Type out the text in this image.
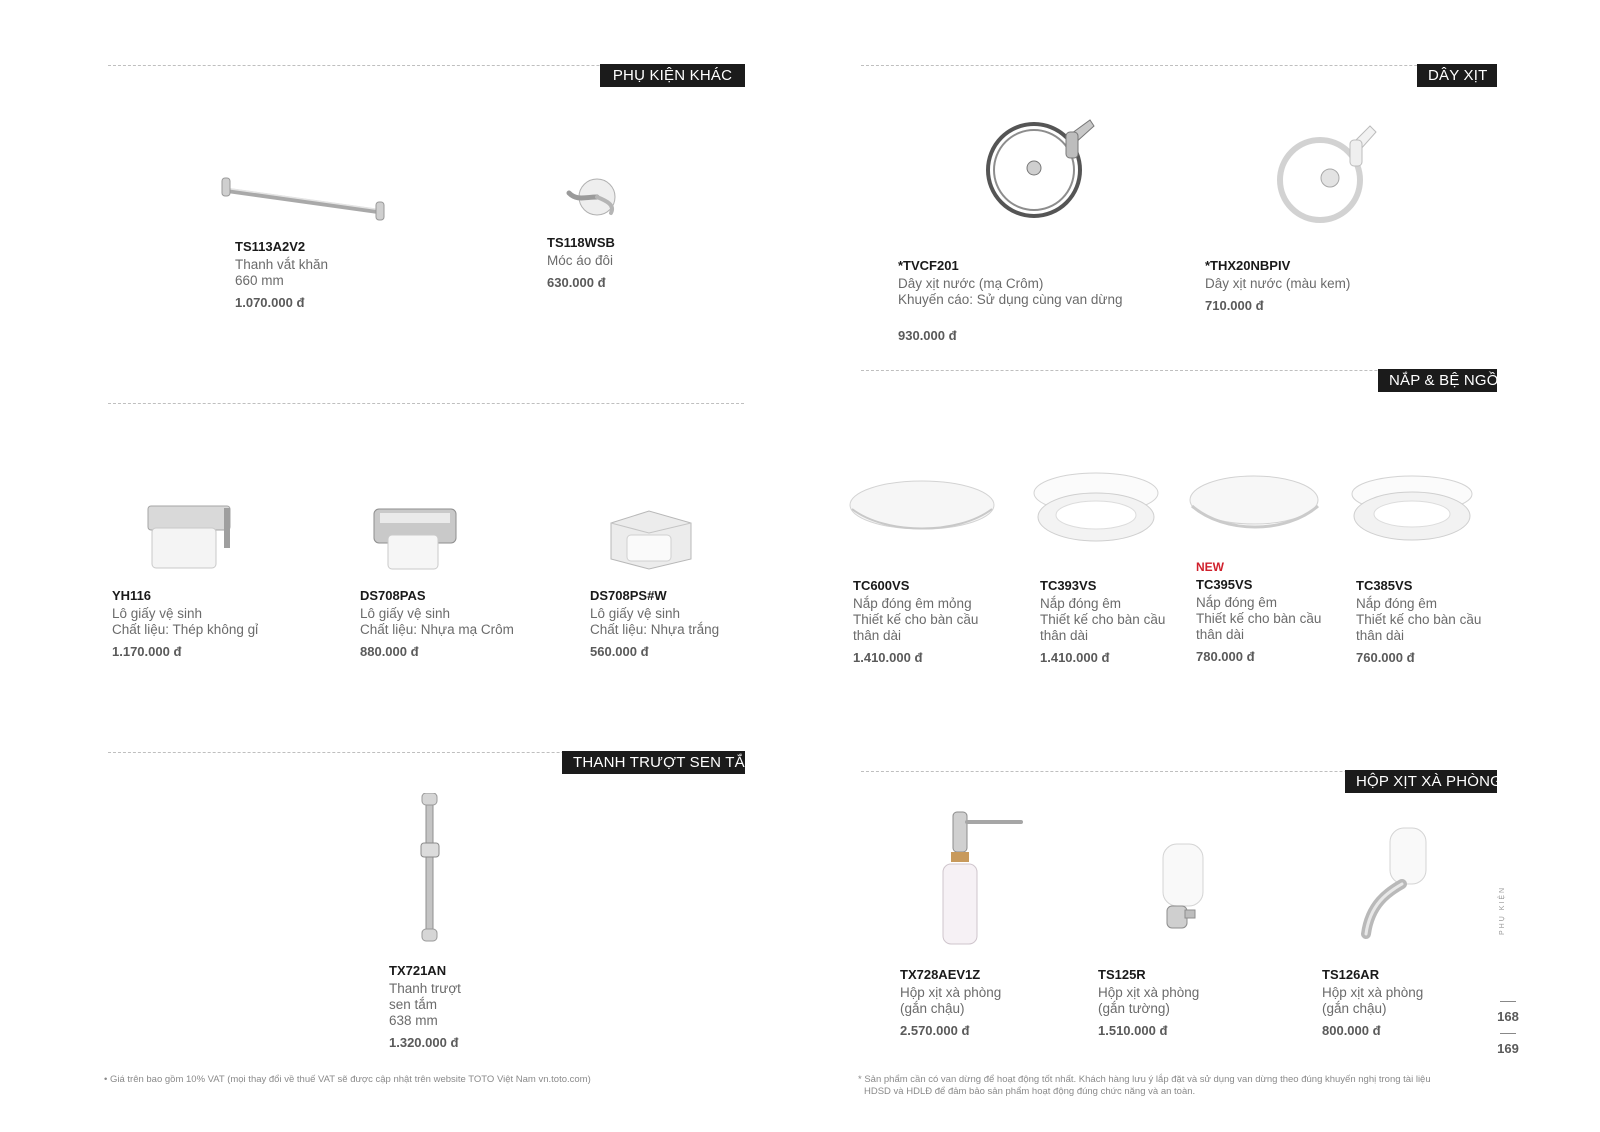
PHỤ KIỆN KHÁC
TS113A2V2
Thanh vắt khăn
660 mm
1.070.000 đ
TS118WSB
Móc áo đôi
630.000 đ
YH116
Lô giấy vệ sinh
Chất liệu: Thép không gỉ
1.170.000 đ
DS708PAS
Lô giấy vệ sinh
Chất liệu: Nhựa mạ Crôm
880.000 đ
DS708PS#W
Lô giấy vệ sinh
Chất liệu: Nhựa trắng
560.000 đ
THANH TRƯỢT SEN TẮM
TX721AN
Thanh trượt
sen tắm
638 mm
1.320.000 đ
• Giá trên bao gồm 10% VAT (mọi thay đổi về thuế VAT sẽ được cập nhật trên website TOTO Việt Nam vn.toto.com)
DÂY XỊT
*TVCF201
Dây xịt nước (mạ Crôm)
Khuyến cáo: Sử dụng cùng van dừng
930.000 đ
*THX20NBPIV
Dây xịt nước (màu kem)
710.000 đ
NẮP & BỆ NGỒI
TC600VS
Nắp đóng êm mỏng
Thiết kế cho bàn cầu
thân dài
1.410.000 đ
TC393VS
Nắp đóng êm
Thiết kế cho bàn cầu
thân dài
1.410.000 đ
NEW
TC395VS
Nắp đóng êm
Thiết kế cho bàn cầu
thân dài
780.000 đ
TC385VS
Nắp đóng êm
Thiết kế cho bàn cầu
thân dài
760.000 đ
HỘP XỊT XÀ PHÒNG
TX728AEV1Z
Hộp xịt xà phòng
(gắn chậu)
2.570.000 đ
TS125R
Hộp xịt xà phòng
(gắn tường)
1.510.000 đ
TS126AR
Hộp xịt xà phòng
(gắn chậu)
800.000 đ
* Sản phẩm cần có van dừng để hoạt động tốt nhất. Khách hàng lưu ý lắp đặt và sử dụng van dừng theo đúng khuyến nghị trong tài liệu
HDSD và HDLĐ để đảm bảo sản phẩm hoạt động đúng chức năng và an toàn.
PHỤ KIỆN
168
169
